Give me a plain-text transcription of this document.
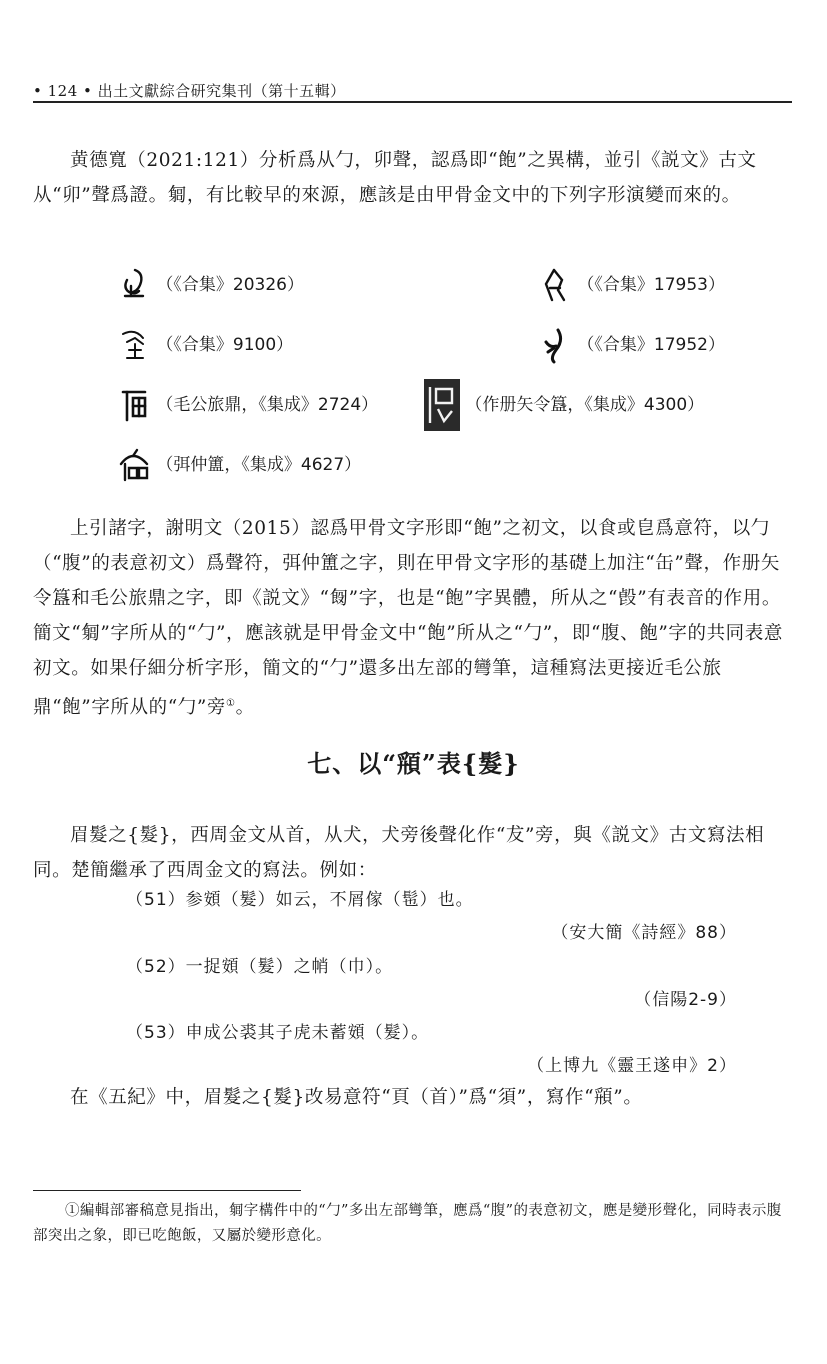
• 124 • 出土文獻綜合研究集刊（第十五輯）
黄德寬（2021:121）分析爲从勹，卯聲，認爲即“飽”之異構，並引《説文》古文从“卯”聲爲證。匔，有比較早的來源，應該是由甲骨金文中的下列字形演變而來的。
（《合集》20326）	（《合集》17953）
（《合集》9100）	（《合集》17952）
（毛公旅鼎，《集成》2724）	（作册矢令簋，《集成》4300）
（弭仲簠，《集成》4627）
上引諸字，謝明文（2015）認爲甲骨文字形即“飽”之初文，以食或皀爲意符，以勹（“腹”的表意初文）爲聲符，弭仲簠之字，則在甲骨文字形的基礎上加注“缶”聲，作册矢令簋和毛公旅鼎之字，即《説文》“匓”字，也是“飽”字異體，所从之“㲃”有表音的作用。簡文“匔”字所从的“勹”，應該就是甲骨金文中“飽”所从之“勹”，即“腹、飽”字的共同表意初文。如果仔細分析字形，簡文的“勹”還多出左部的彎筆，這種寫法更接近毛公旅鼎“飽”字所从的“勹”旁①。
七、以“𩓚”表{髮}
眉髮之{髮}，西周金文从首，从犬，犬旁後聲化作“犮”旁，與《説文》古文寫法相同。楚簡繼承了西周金文的寫法。例如：
（51）参頞（髮）如云，不屑傢（髢）也。
（安大簡《詩經》88）
（52）一捉頞（髮）之帩（巾）。
（信陽2-9）
（53）申成公裘其子虎未蓄頞（髮）。
（上博九《靈王遂申》2）
在《五紀》中，眉髮之{髮}改易意符“頁（首）”爲“須”，寫作“𩓚”。
①編輯部審稿意見指出，匔字構件中的“勹”多出左部彎筆，應爲“腹”的表意初文，應是變形聲化，同時表示腹部突出之象，即已吃飽飯，又屬於變形意化。
